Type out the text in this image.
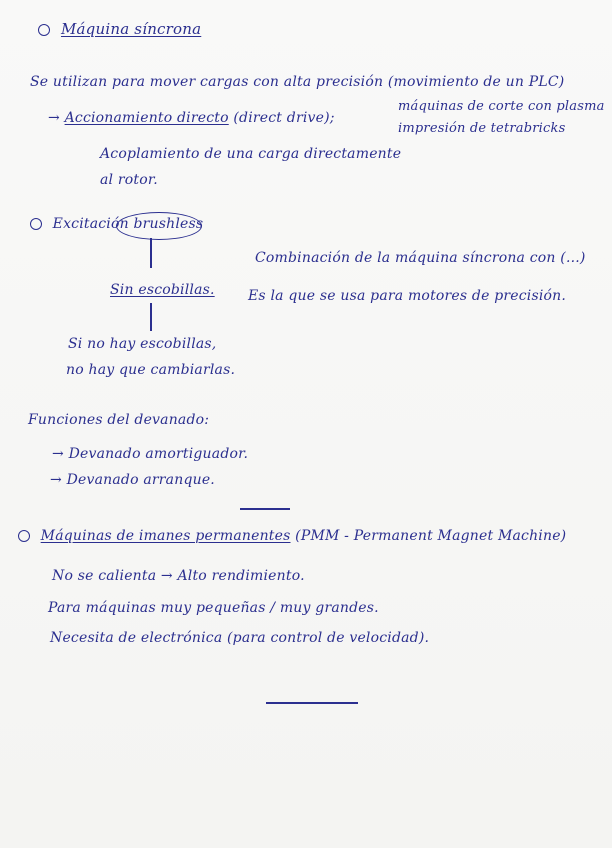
Máquina síncrona
Se utilizan para mover cargas con alta precisión (movimiento de un PLC)
máquinas de corte con plasma
impresión de tetrabricks
→ Accionamiento directo (direct drive);
Acoplamiento de una carga directamente
al rotor.
Excitación brushless
Combinación de la máquina síncrona con (...)
Es la que se usa para motores de precisión.
Sin escobillas.
Si no hay escobillas,
no hay que cambiarlas.
Funciones del devanado:
→ Devanado amortiguador.
→ Devanado arranque.
Máquinas de imanes permanentes (PMM - Permanent Magnet Machine)
No se calienta → Alto rendimiento.
Para máquinas muy pequeñas / muy grandes.
Necesita de electrónica (para control de velocidad).
